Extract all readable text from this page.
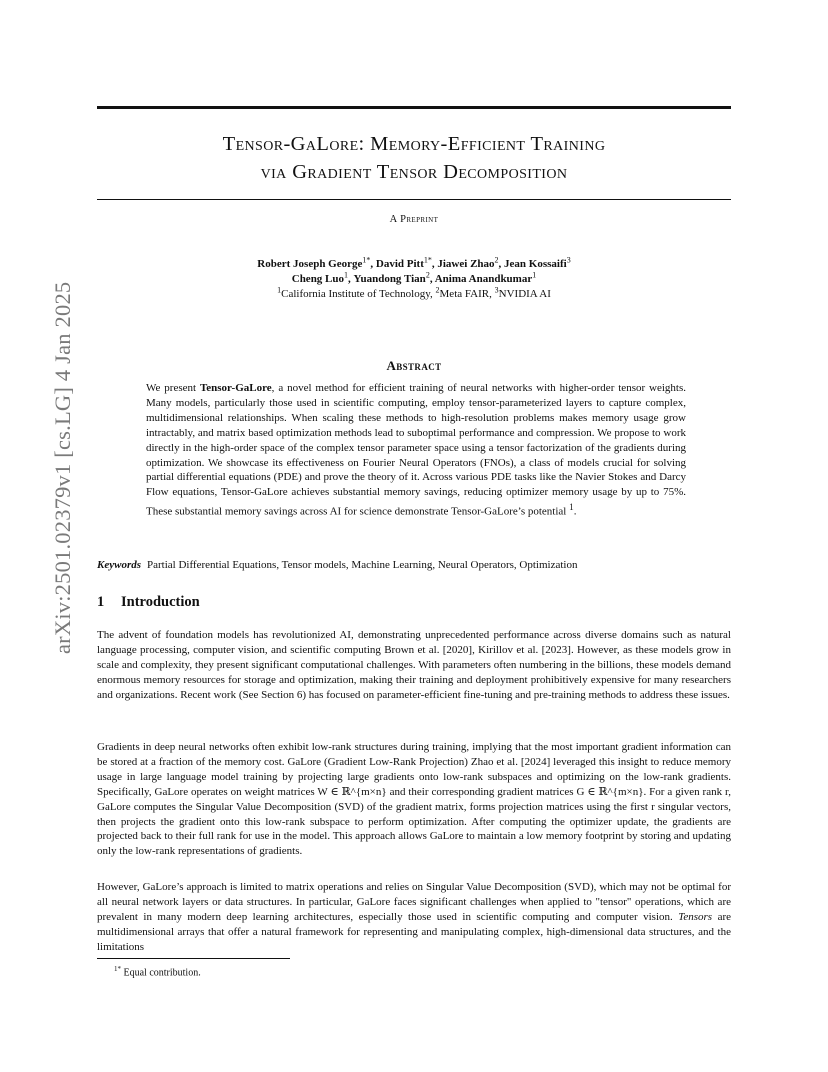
Tensor-GaLore: Memory-Efficient Training
via Gradient Tensor Decomposition
A Preprint
Robert Joseph George$^{1*}$, David Pitt$^{1*}$, Jiawei Zhao$^2$, Jean Kossaifi$^3$
Cheng Luo$^1$, Yuandong Tian$^2$, Anima Anandkumar$^1$
$^1$California Institute of Technology, $^2$Meta FAIR, $^3$NVIDIA AI
arXiv:2501.02379v1 [cs.LG] 4 Jan 2025	Abstract
We present Tensor-GaLore, a novel method for efficient training of neural networks with higher-order tensor weights. Many models, particularly those used in scientific computing, employ tensor-parameterized layers to capture complex, multidimensional relationships. When scaling these methods to high-resolution problems makes memory usage grow intractably, and matrix based optimization methods lead to suboptimal performance and compression. We propose to work directly in the high-order space of the complex tensor parameter space using a tensor factorization of the gradients during optimization. We showcase its effectiveness on Fourier Neural Operators (FNOs), a class of models crucial for solving partial differential equations (PDE) and prove the theory of it. Across various PDE tasks like the Navier Stokes and Darcy Flow equations, Tensor-GaLore achieves substantial memory savings, reducing optimizer memory usage by up to 75%. These substantial memory savings across AI for science demonstrate Tensor-GaLore’s potential $^1$.
Keywords Partial Differential Equations, Tensor models, Machine Learning, Neural Operators, Optimization
1 Introduction
The advent of foundation models has revolutionized AI, demonstrating unprecedented performance across diverse domains such as natural language processing, computer vision, and scientific computing Brown et al. [2020], Kirillov et al. [2023]. However, as these models grow in scale and complexity, they present significant computational challenges. With parameters often numbering in the billions, these models demand enormous memory resources for storage and optimization, making their training and deployment prohibitively expensive for many researchers and organizations. Recent work (See Section 6) has focused on parameter-efficient fine-tuning and pre-training methods to address these issues.
Gradients in deep neural networks often exhibit low-rank structures during training, implying that the most important gradient information can be stored at a fraction of the memory cost. GaLore (Gradient Low-Rank Projection) Zhao et al. [2024] leveraged this insight to reduce memory usage in large language model training by projecting large gradients onto low-rank subspaces and optimizing on the low-rank gradients. Specifically, GaLore operates on weight matrices W ∈ ℝ^{m×n} and their corresponding gradient matrices G ∈ ℝ^{m×n}. For a given rank r, GaLore computes the Singular Value Decomposition (SVD) of the gradient matrix, forms projection matrices using the first r singular vectors, then projects the gradient onto this low-rank subspace to perform optimization. After computing the optimizer update, the gradients are projected back to their full rank for use in the model. This approach allows GaLore to maintain a low memory footprint by storing and updating only the low-rank representations of gradients.
However, GaLore’s approach is limited to matrix operations and relies on Singular Value Decomposition (SVD), which may not be optimal for all neural network layers or data structures. In particular, GaLore faces significant challenges when applied to "tensor" operations, which are prevalent in many modern deep learning architectures, especially those used in scientific computing and computer vision. Tensors are multidimensional arrays that offer a natural framework for representing and manipulating complex, high-dimensional data structures, and the limitations
$^{1*}$ Equal contribution.
